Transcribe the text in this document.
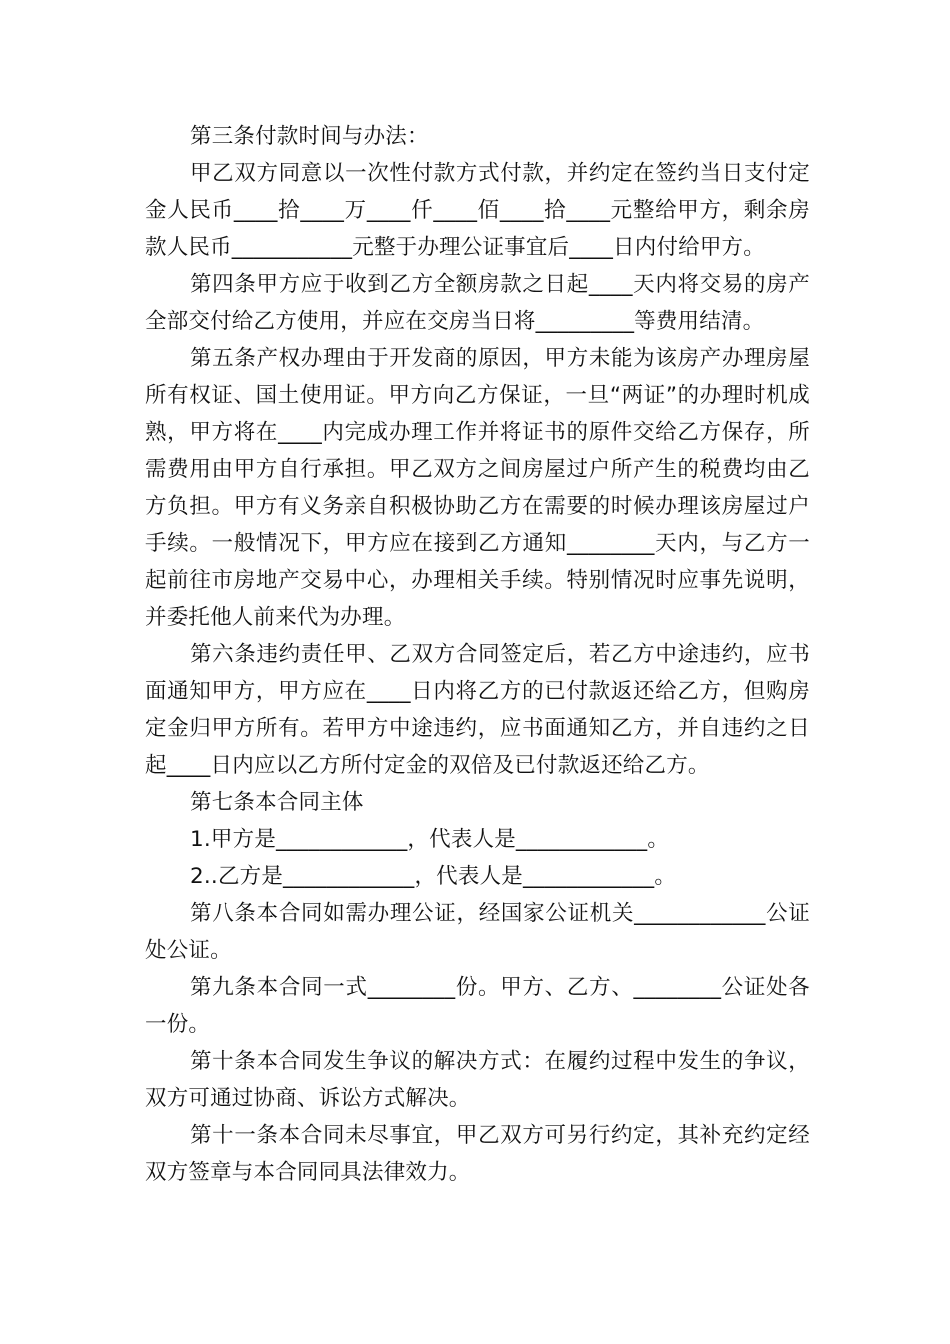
第三条付款时间与办法：

甲乙双方同意以一次性付款方式付款，并约定在签约当日支付定金人民币____拾____万____仟____佰____拾____元整给甲方，剩余房款人民币___________元整于办理公证事宜后____日内付给甲方。

第四条甲方应于收到乙方全额房款之日起____天内将交易的房产全部交付给乙方使用，并应在交房当日将_________等费用结清。

第五条产权办理由于开发商的原因，甲方未能为该房产办理房屋所有权证、国土使用证。甲方向乙方保证，一旦“两证”的办理时机成熟，甲方将在____内完成办理工作并将证书的原件交给乙方保存，所需费用由甲方自行承担。甲乙双方之间房屋过户所产生的税费均由乙方负担。甲方有义务亲自积极协助乙方在需要的时候办理该房屋过户手续。一般情况下，甲方应在接到乙方通知________天内，与乙方一起前往市房地产交易中心，办理相关手续。特别情况时应事先说明，并委托他人前来代为办理。

第六条违约责任甲、乙双方合同签定后，若乙方中途违约，应书面通知甲方，甲方应在____日内将乙方的已付款返还给乙方，但购房定金归甲方所有。若甲方中途违约，应书面通知乙方，并自违约之日起____日内应以乙方所付定金的双倍及已付款返还给乙方。

第七条本合同主体

1.甲方是____________，代表人是____________。

2..乙方是____________，代表人是____________。

第八条本合同如需办理公证，经国家公证机关____________公证处公证。

第九条本合同一式________份。甲方、乙方、________公证处各一份。

第十条本合同发生争议的解决方式：在履约过程中发生的争议，双方可通过协商、诉讼方式解决。

第十一条本合同未尽事宜，甲乙双方可另行约定，其补充约定经双方签章与本合同同具法律效力。
